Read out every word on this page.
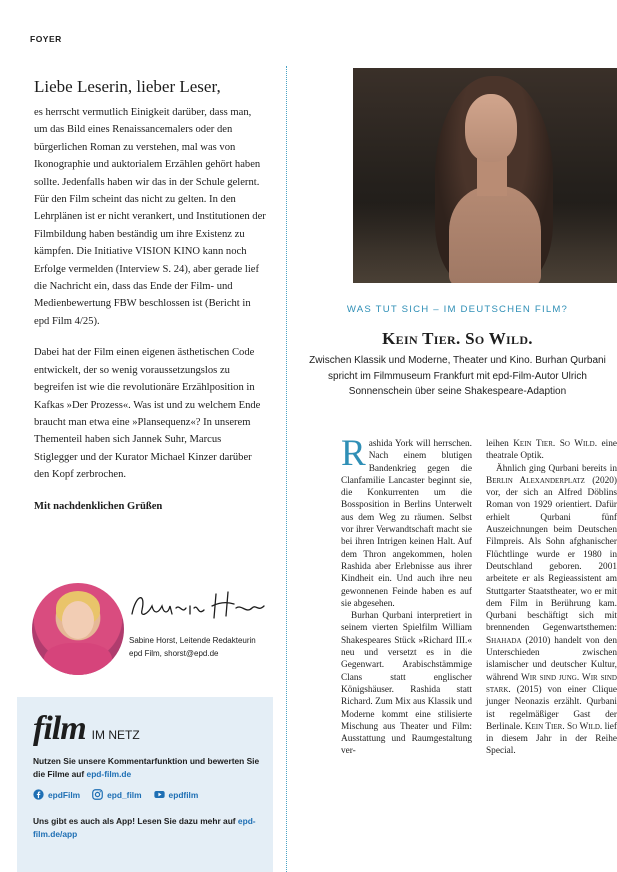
FOYER
Liebe Leserin, lieber Leser,

es herrscht vermutlich Einigkeit darüber, dass man, um das Bild eines Renaissancemalers oder den bürgerlichen Roman zu verstehen, mal was von Ikonographie und auktorialem Erzählen gehört haben sollte. Jedenfalls haben wir das in der Schule gelernt. Für den Film scheint das nicht zu gelten. In den Lehrplänen ist er nicht verankert, und Institutionen der Filmbildung haben beständig um ihre Existenz zu kämpfen. Die Initiative VISION KINO kann noch Erfolge vermelden (Interview S. 24), aber gerade lief die Nachricht ein, dass das Ende der Film- und Medienbewertung FBW beschlossen ist (Bericht in epd Film 4/25).

Dabei hat der Film einen eigenen ästhetischen Code entwickelt, der so wenig voraussetzungslos zu begreifen ist wie die revolutionäre Erzählposition in Kafkas »Der Prozess«. Was ist und zu welchem Ende braucht man etwa eine »Plansequenz«? In unserem Thementeil haben sich Jannek Suhr, Marcus Stiglegger und der Kurator Michael Kinzer darüber den Kopf zerbrochen.

Mit nachdenklichen Grüßen

Sabine Horst, Leitende Redakteurin
epd Film, shorst@epd.de
film IM NETZ
Nutzen Sie unsere Kommentarfunktion und bewerten Sie die Filme auf epd-film.de
epdFilm	epd_film	epdfilm
Uns gibt es auch als App! Lesen Sie dazu mehr auf epd-film.de/app
WAS TUT SICH – IM DEUTSCHEN FILM?
Kein Tier. So Wild.
Zwischen Klassik und Moderne, Theater und Kino. Burhan Qurbani spricht im Filmmuseum Frankfurt mit epd-Film-Autor Ulrich Sonnenschein über seine Shakespeare-Adaption

Rashida York will herrschen. Nach einem blutigen Bandenkrieg gegen die Clanfamilie Lancaster beginnt sie, die Konkurrenten um die Bossposition in Berlins Unterwelt aus dem Weg zu räumen. Selbst vor ihrer Verwandtschaft macht sie bei ihren Intrigen keinen Halt. Auf dem Thron angekommen, holen Rashida aber Erlebnisse aus ihrer Kindheit ein. Und auch ihre neu gewonnenen Feinde haben es auf sie abgesehen.

Burhan Qurbani interpretiert in seinem vierten Spielfilm William Shakespeares Stück »Richard III.« neu und versetzt es in die Gegenwart. Arabischstämmige Clans statt englischer Königshäuser. Rashida statt Richard. Zum Mix aus Klassik und Moderne kommt eine stilisierte Mischung aus Theater und Film: Ausstattung und Raumgestaltung ver-

leihen Kein Tier. So Wild. eine theatrale Optik.

Ähnlich ging Qurbani bereits in Berlin Alexanderplatz (2020) vor, der sich an Alfred Döblins Roman von 1929 orientiert. Dafür erhielt Qurbani fünf Auszeichnungen beim Deutschen Filmpreis. Als Sohn afghanischer Flüchtlinge wurde er 1980 in Deutschland geboren. 2001 arbeitete er als Regieassistent am Stuttgarter Staatstheater, wo er mit dem Film in Berührung kam. Qurbani beschäftigt sich mit brennenden Gegenwartsthemen: Shahada (2010) handelt von den Unterschieden zwischen islamischer und deutscher Kultur, während Wir sind jung. Wir sind stark. (2015) von einer Clique junger Neonazis erzählt. Qurbani ist regelmäßiger Gast der Berlinale. Kein Tier. So Wild. lief in diesem Jahr in der Reihe Special.
